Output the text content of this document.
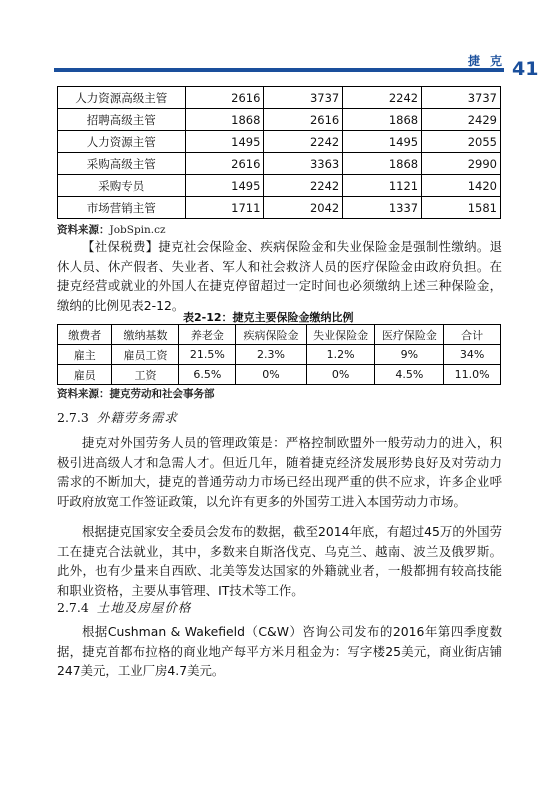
捷克 41
人力资源高级主管	2616	3737	2242	3737
招聘高级主管	1868	2616	1868	2429
人力资源主管	1495	2242	1495	2055
采购高级主管	2616	3363	1868	2990
采购专员	1495	2242	1121	1420
市场营销主管	1711	2042	1337	1581
资料来源：JobSpin.cz

【社保税费】捷克社会保险金、疾病保险金和失业保险金是强制性缴纳。退休人员、休产假者、失业者、军人和社会救济人员的医疗保险金由政府负担。在捷克经营或就业的外国人在捷克停留超过一定时间也必须缴纳上述三种保险金，缴纳的比例见表2-12。

表2-12：捷克主要保险金缴纳比例
缴费者	缴纳基数	养老金	疾病保险金	失业保险金	医疗保险金	合计
雇主	雇员工资	21.5%	2.3%	1.2%	9%	34%
雇员	工资	6.5%	0%	0%	4.5%	11.0%
资料来源：捷克劳动和社会事务部
2.7.3 外籍劳务需求

捷克对外国劳务人员的管理政策是：严格控制欧盟外一般劳动力的进入，积极引进高级人才和急需人才。但近几年，随着捷克经济发展形势良好及对劳动力需求的不断加大，捷克的普通劳动力市场已经出现严重的供不应求，许多企业呼吁政府放宽工作签证政策，以允许有更多的外国劳工进入本国劳动力市场。

根据捷克国家安全委员会发布的数据，截至2014年底，有超过45万的外国劳工在捷克合法就业，其中，多数来自斯洛伐克、乌克兰、越南、波兰及俄罗斯。此外，也有少量来自西欧、北美等发达国家的外籍就业者，一般都拥有较高技能和职业资格，主要从事管理、IT技术等工作。

2.7.4 土地及房屋价格

根据Cushman & Wakefield（C&W）咨询公司发布的2016年第四季度数据，捷克首都布拉格的商业地产每平方米月租金为：写字楼25美元，商业街店铺247美元，工业厂房4.7美元。
